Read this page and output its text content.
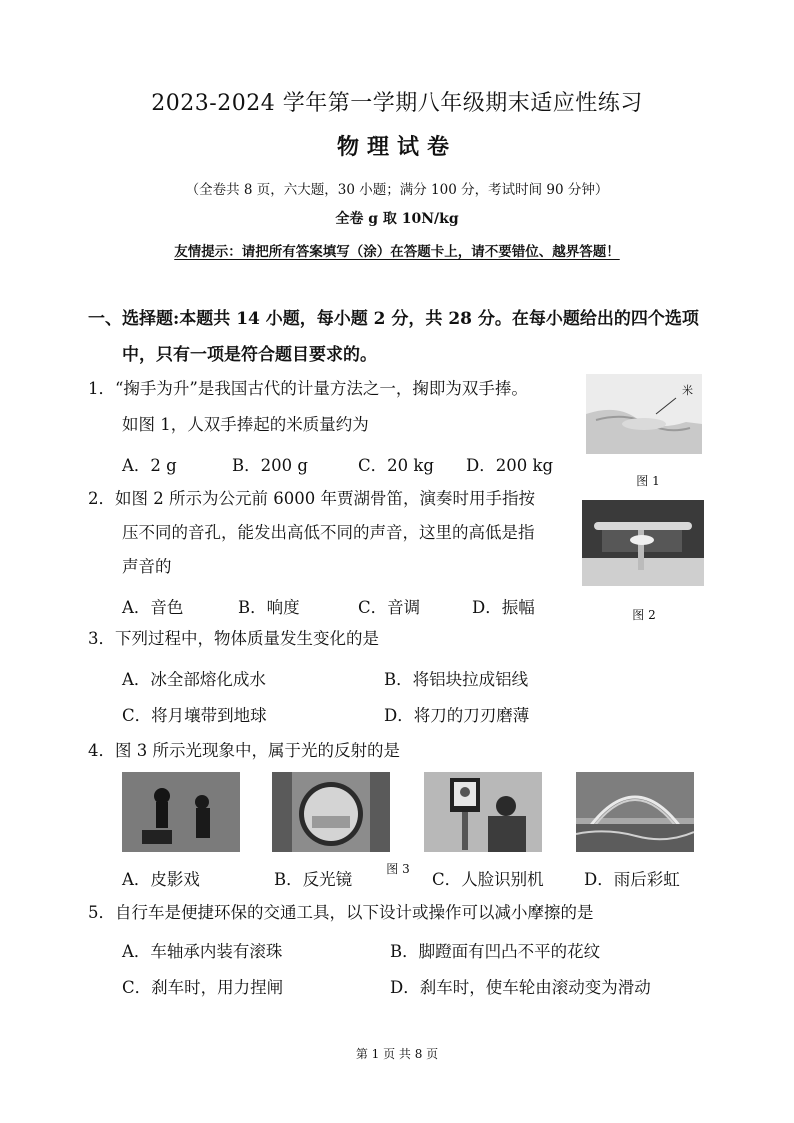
2023-2024 学年第一学期八年级期末适应性练习
物理试卷
（全卷共 8 页，六大题，30 小题；满分 100 分，考试时间 90 分钟）
全卷 g 取 10N/kg
友情提示：请把所有答案填写（涂）在答题卡上，请不要错位、越界答题！
一、选择题:本题共 14 小题，每小题 2 分，共 28 分。在每小题给出的四个选项
中，只有一项是符合题目要求的。
1．“掬手为升”是我国古代的计量方法之一，掬即为双手捧。
如图 1，人双手捧起的米质量约为
A．2 g	B．200 g	C．20 kg D．200 kg
米
图 1
2．如图 2 所示为公元前 6000 年贾湖骨笛，演奏时用手指按
压不同的音孔，能发出高低不同的声音，这里的高低是指
声音的
A．音色	B．响度	C．音调	D．振幅	图 2
3．下列过程中，物体质量发生变化的是
A．冰全部熔化成水	B．将铝块拉成铝线
C．将月壤带到地球	D．将刀的刀刃磨薄
4．图 3 所示光现象中，属于光的反射的是
图 3
A．皮影戏	B．反光镜	C．人脸识别机 D．雨后彩虹
5．自行车是便捷环保的交通工具，以下设计或操作可以减小摩擦的是
A．车轴承内装有滚珠	B．脚蹬面有凹凸不平的花纹
C．刹车时，用力捏闸	D．刹车时，使车轮由滚动变为滑动
第 1 页 共 8 页
